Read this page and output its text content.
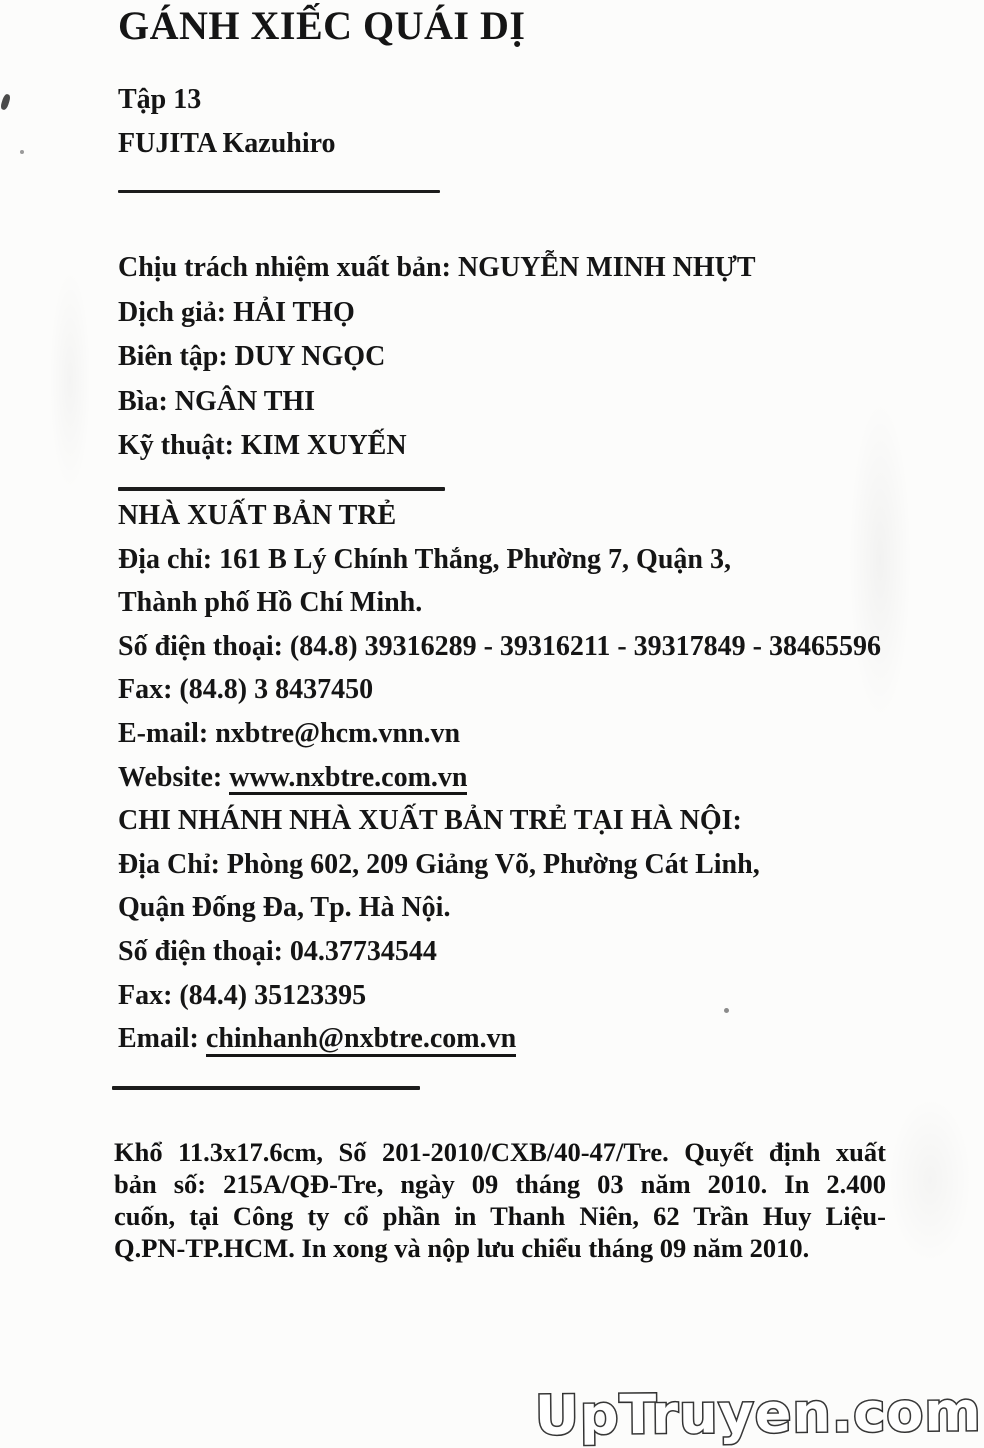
GÁNH XIẾC QUÁI DỊ
Tập 13
FUJITA Kazuhiro
Chịu trách nhiệm xuất bản: NGUYỄN MINH NHỰT
Dịch giả: HẢI THỌ
Biên tập: DUY NGỌC
Bìa: NGÂN THI
Kỹ thuật: KIM XUYẾN
NHÀ XUẤT BẢN TRẺ
Địa chỉ: 161 B Lý Chính Thắng, Phường 7, Quận 3,
Thành phố Hồ Chí Minh.
Số điện thoại: (84.8) 39316289 - 39316211 - 39317849 - 38465596
Fax: (84.8) 3 8437450
E-mail: nxbtre@hcm.vnn.vn
Website: www.nxbtre.com.vn
CHI NHÁNH NHÀ XUẤT BẢN TRẺ TẠI HÀ NỘI:
Địa Chỉ: Phòng 602, 209 Giảng Võ, Phường Cát Linh,
Quận Đống Đa, Tp. Hà Nội.
Số điện thoại: 04.37734544
Fax: (84.4) 35123395
Email: chinhanh@nxbtre.com.vn
Khổ 11.3x17.6cm, Số 201-2010/CXB/40-47/Tre. Quyết định xuất
bản số: 215A/QĐ-Tre, ngày 09 tháng 03 năm 2010. In 2.400
cuốn, tại Công ty cổ phần in Thanh Niên, 62 Trần Huy Liệu-
Q.PN-TP.HCM. In xong và nộp lưu chiểu tháng 09 năm 2010.
UpTruyen.com
